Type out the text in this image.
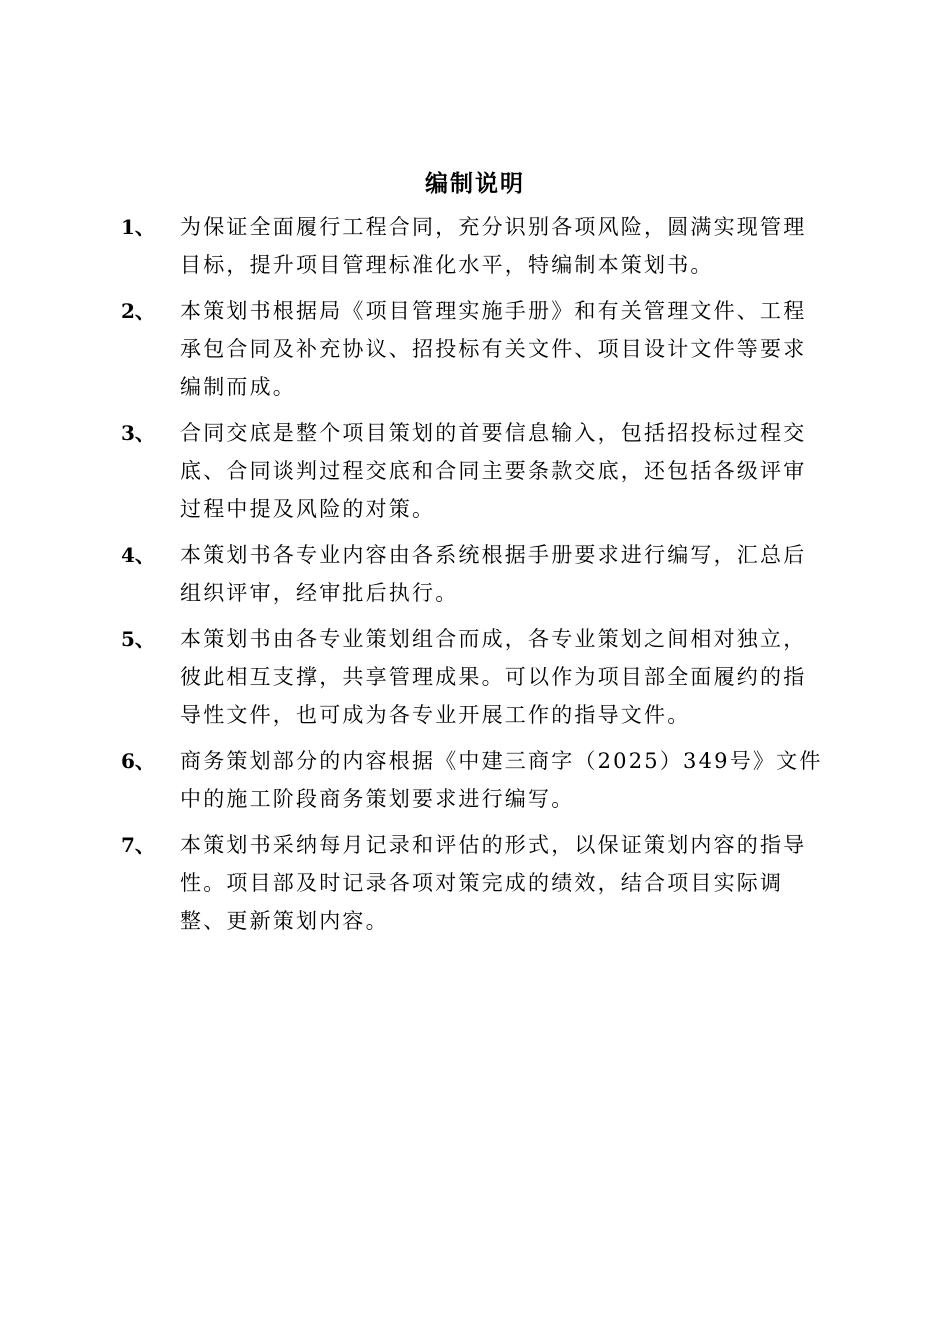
编制说明
1、 为保证全面履行工程合同，充分识别各项风险，圆满实现管理目标，提升项目管理标准化水平，特编制本策划书。
2、 本策划书根据局《项目管理实施手册》和有关管理文件、工程承包合同及补充协议、招投标有关文件、项目设计文件等要求编制而成。
3、 合同交底是整个项目策划的首要信息输入，包括招投标过程交底、合同谈判过程交底和合同主要条款交底，还包括各级评审过程中提及风险的对策。
4、 本策划书各专业内容由各系统根据手册要求进行编写，汇总后组织评审，经审批后执行。
5、 本策划书由各专业策划组合而成，各专业策划之间相对独立，彼此相互支撑，共享管理成果。可以作为项目部全面履约的指导性文件，也可成为各专业开展工作的指导文件。
6、 商务策划部分的内容根据《中建三商字（2025）349号》文件中的施工阶段商务策划要求进行编写。
7、 本策划书采纳每月记录和评估的形式，以保证策划内容的指导性。项目部及时记录各项对策完成的绩效，结合项目实际调整、更新策划内容。
